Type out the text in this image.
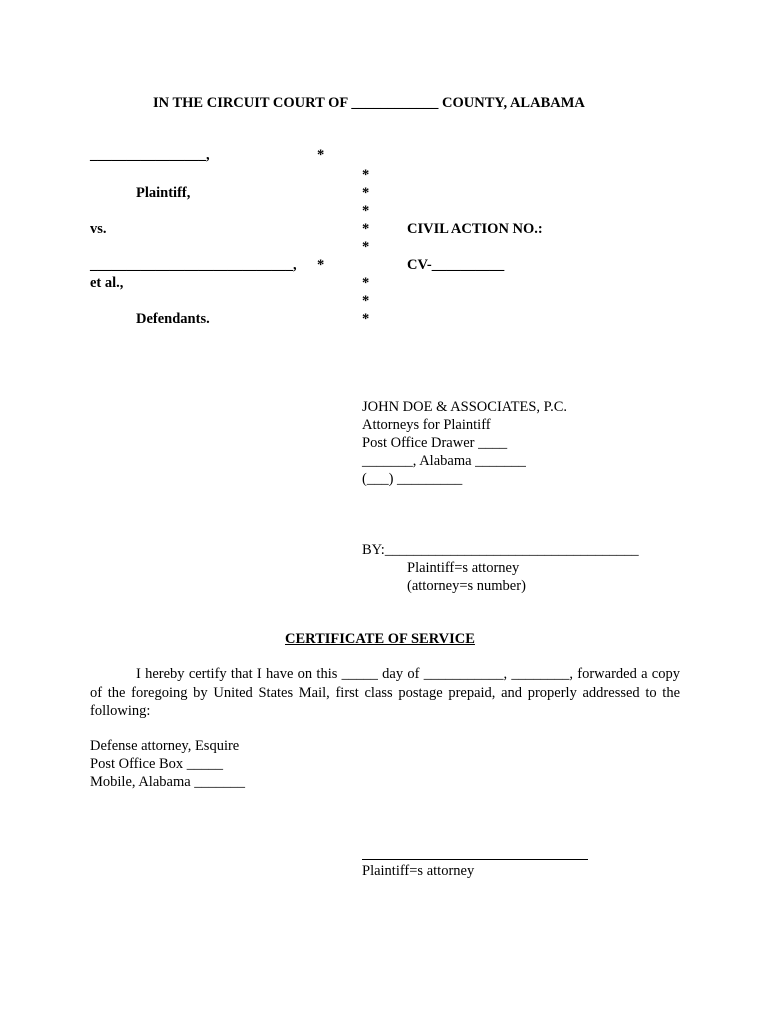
IN THE CIRCUIT COURT OF ____________ COUNTY, ALABAMA
________________,
Plaintiff,
vs.
____________________________,
et al.,
Defendants.
*
*
*
*
*
*
*
*
*
*
CIVIL ACTION NO.:
CV-__________
JOHN DOE & ASSOCIATES, P.C.
Attorneys for Plaintiff
Post Office Drawer ____
_______, Alabama _______
(___) _________
BY:___________________________________
Plaintiff=s attorney
(attorney=s number)
CERTIFICATE OF SERVICE
I hereby certify that I have on this _____ day of ___________, ________, forwarded a copy of the foregoing by United States Mail, first class postage prepaid, and properly addressed to the following:
Defense attorney, Esquire
Post Office Box _____
Mobile, Alabama _______
Plaintiff=s attorney
